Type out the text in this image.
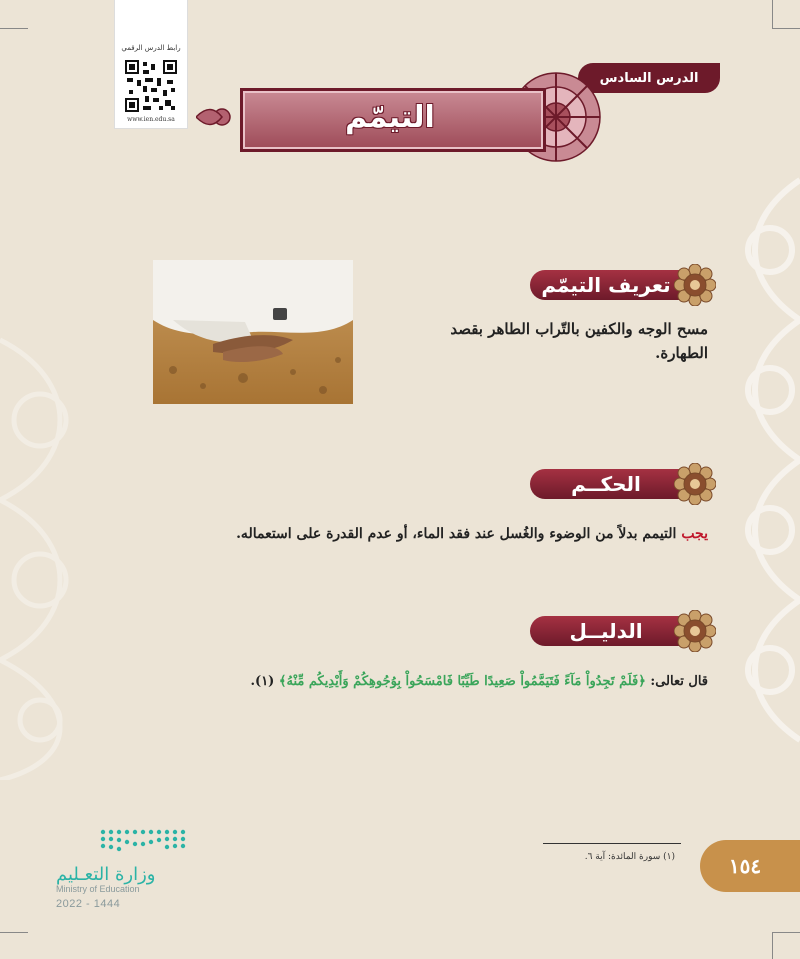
رابط الدرس الرقمي
www.ien.edu.sa
الدرس السادس
التيمّم
تعريف التيمّم
مسح الوجه والكفين بالتّراب الطاهر بقصد
الطهارة.
الحكــم
يجب التيمم بدلاً من الوضوء والغُسل عند فقد الماء، أو عدم القدرة على استعماله.
الدليــل
قال تعالى: ﴿فَلَمْ تَجِدُواْ مَآءً فَتَيَمَّمُواْ صَعِيدًا طَيِّبًا فَامْسَحُواْ بِوُجُوهِكُمْ وَأَيْدِيكُم مِّنْهُ﴾ (١).
(١) سورة المائدة: آية ٦.	١٥٤
وزارة التعـليم
Ministry of Education
2022 - 1444
